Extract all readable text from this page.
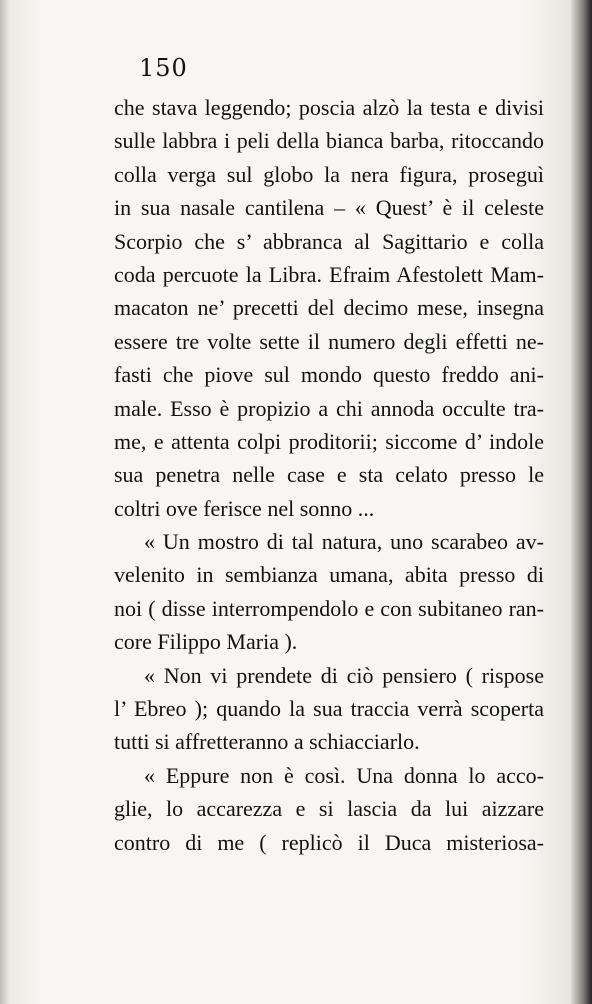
150
che stava leggendo; poscia alzò la testa e divisi
sulle labbra i peli della bianca barba, ritoccando
colla verga sul globo la nera figura, proseguì
in sua nasale cantilena – « Quest’ è il celeste
Scorpio che s’ abbranca al Sagittario e colla
coda percuote la Libra. Efraim Afestolett Mam-
macaton ne’ precetti del decimo mese, insegna
essere tre volte sette il numero degli effetti ne-
fasti che piove sul mondo questo freddo ani-
male. Esso è propizio a chi annoda occulte tra-
me, e attenta colpi proditorii; siccome d’ indole
sua penetra nelle case e sta celato presso le
coltri ove ferisce nel sonno ...
« Un mostro di tal natura, uno scarabeo av-
velenito in sembianza umana, abita presso di
noi ( disse interrompendolo e con subitaneo ran-
core Filippo Maria ).
« Non vi prendete di ciò pensiero ( rispose
l’ Ebreo ); quando la sua traccia verrà scoperta
tutti si affretteranno a schiacciarlo.
« Eppure non è così. Una donna lo acco-
glie, lo accarezza e si lascia da lui aizzare
contro di me ( replicò il Duca misteriosa-
